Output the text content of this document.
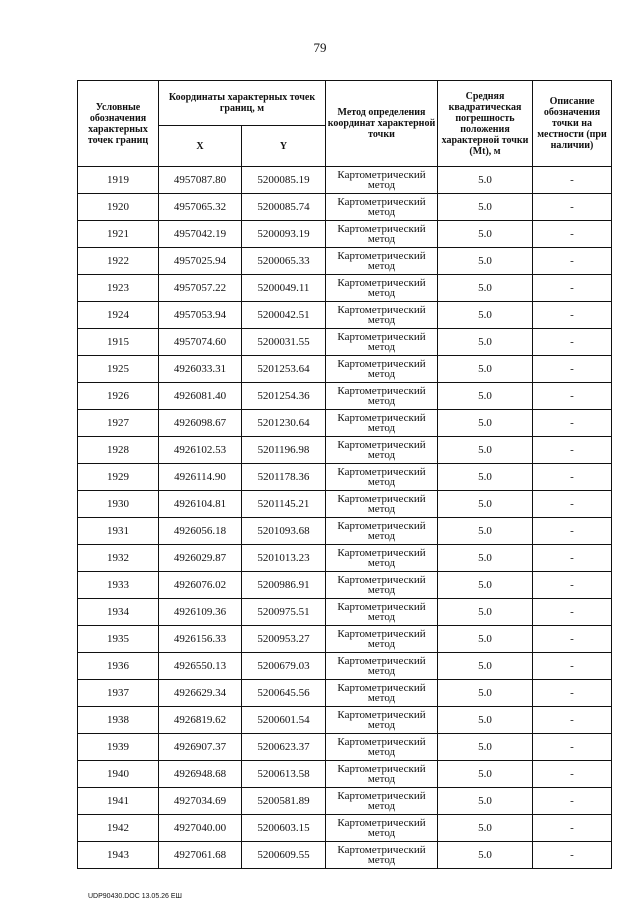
79
Условные обозначения характерных точек границ	Координаты характерных точек границ, м		Метод определения координат характерной точки	Средняя квадратическая погрешность положения характерной точки (Mt), м	Описание обозначения точки на местности (при наличии)
	X	Y			
1919	4957087.80	5200085.19	Картометрический метод	5.0	-
1920	4957065.32	5200085.74	Картометрический метод	5.0	-
1921	4957042.19	5200093.19	Картометрический метод	5.0	-
1922	4957025.94	5200065.33	Картометрический метод	5.0	-
1923	4957057.22	5200049.11	Картометрический метод	5.0	-
1924	4957053.94	5200042.51	Картометрический метод	5.0	-
1915	4957074.60	5200031.55	Картометрический метод	5.0	-
1925	4926033.31	5201253.64	Картометрический метод	5.0	-
1926	4926081.40	5201254.36	Картометрический метод	5.0	-
1927	4926098.67	5201230.64	Картометрический метод	5.0	-
1928	4926102.53	5201196.98	Картометрический метод	5.0	-
1929	4926114.90	5201178.36	Картометрический метод	5.0	-
1930	4926104.81	5201145.21	Картометрический метод	5.0	-
1931	4926056.18	5201093.68	Картометрический метод	5.0	-
1932	4926029.87	5201013.23	Картометрический метод	5.0	-
1933	4926076.02	5200986.91	Картометрический метод	5.0	-
1934	4926109.36	5200975.51	Картометрический метод	5.0	-
1935	4926156.33	5200953.27	Картометрический метод	5.0	-
1936	4926550.13	5200679.03	Картометрический метод	5.0	-
1937	4926629.34	5200645.56	Картометрический метод	5.0	-
1938	4926819.62	5200601.54	Картометрический метод	5.0	-
1939	4926907.37	5200623.37	Картометрический метод	5.0	-
1940	4926948.68	5200613.58	Картометрический метод	5.0	-
1941	4927034.69	5200581.89	Картометрический метод	5.0	-
1942	4927040.00	5200603.15	Картометрический метод	5.0	-
1943	4927061.68	5200609.55	Картометрический метод	5.0	-
UDP90430.DOC 13.05.26 ЕШ
